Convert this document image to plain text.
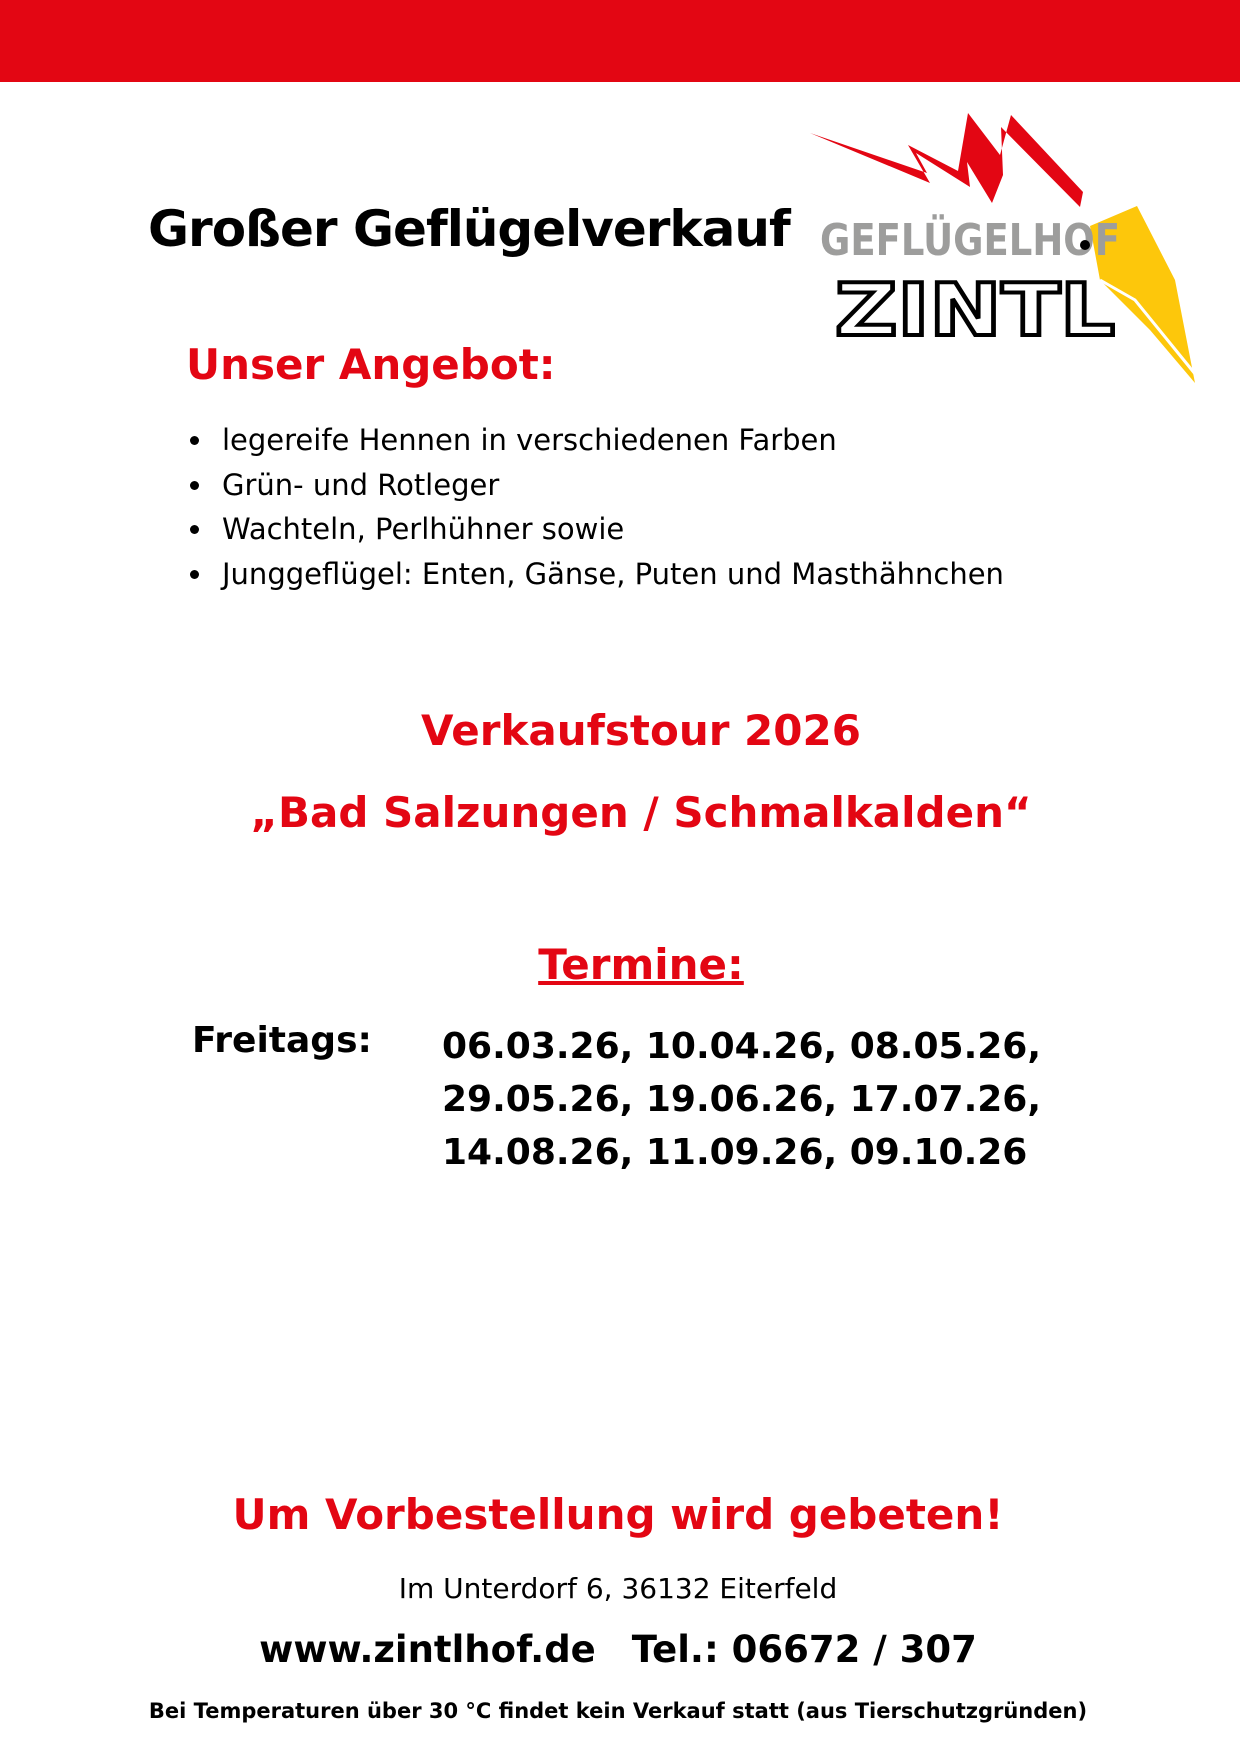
Großer Geflügelverkauf GEFLÜGELHOF
ZINTL
Unser Angebot:
legereife Hennen in verschiedenen Farben
Grün- und Rotleger
Wachteln, Perlhühner sowie
Junggeflügel: Enten, Gänse, Puten und Masthähnchen
Verkaufstour 2026
„Bad Salzungen / Schmalkalden“
Termine:
Freitags: 06.03.26, 10.04.26, 08.05.26,
29.05.26, 19.06.26, 17.07.26,
14.08.26, 11.09.26, 09.10.26
Um Vorbestellung wird gebeten!
Im Unterdorf 6, 36132 Eiterfeld
www.zintlhof.de Tel.: 06672 / 307
Bei Temperaturen über 30 °C findet kein Verkauf statt (aus Tierschutzgründen)
